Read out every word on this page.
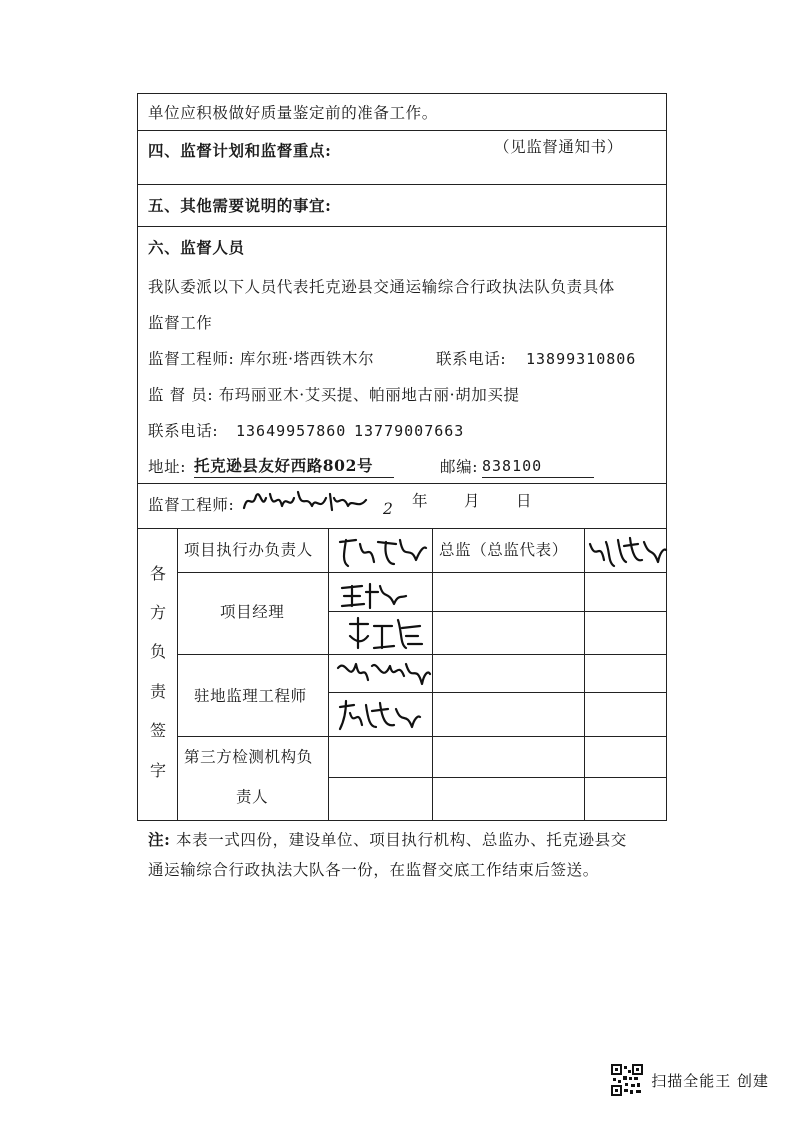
单位应积极做好质量鉴定前的准备工作。
四、监督计划和监督重点:	（见监督通知书）
五、其他需要说明的事宜:
六、监督人员
我队委派以下人员代表托克逊县交通运输综合行政执法队负责具体
监督工作
监督工程师: 库尔班·塔西铁木尔	联系电话: 13899310806
监 督 员: 布玛丽亚木·艾买提、帕丽地古丽·胡加买提
联系电话: 13649957860 13779007663
地址: 托克逊县友好西路802号	邮编: 838100
监督工程师:	2 年 月 日
各
方
负
责
签
字
项目执行办负责人	总监（总监代表）
项目经理
驻地监理工程师
第三方检测机构负
责人
注: 本表一式四份，建设单位、项目执行机构、总监办、托克逊县交
通运输综合行政执法大队各一份，在监督交底工作结束后签送。
扫描全能王 创建
